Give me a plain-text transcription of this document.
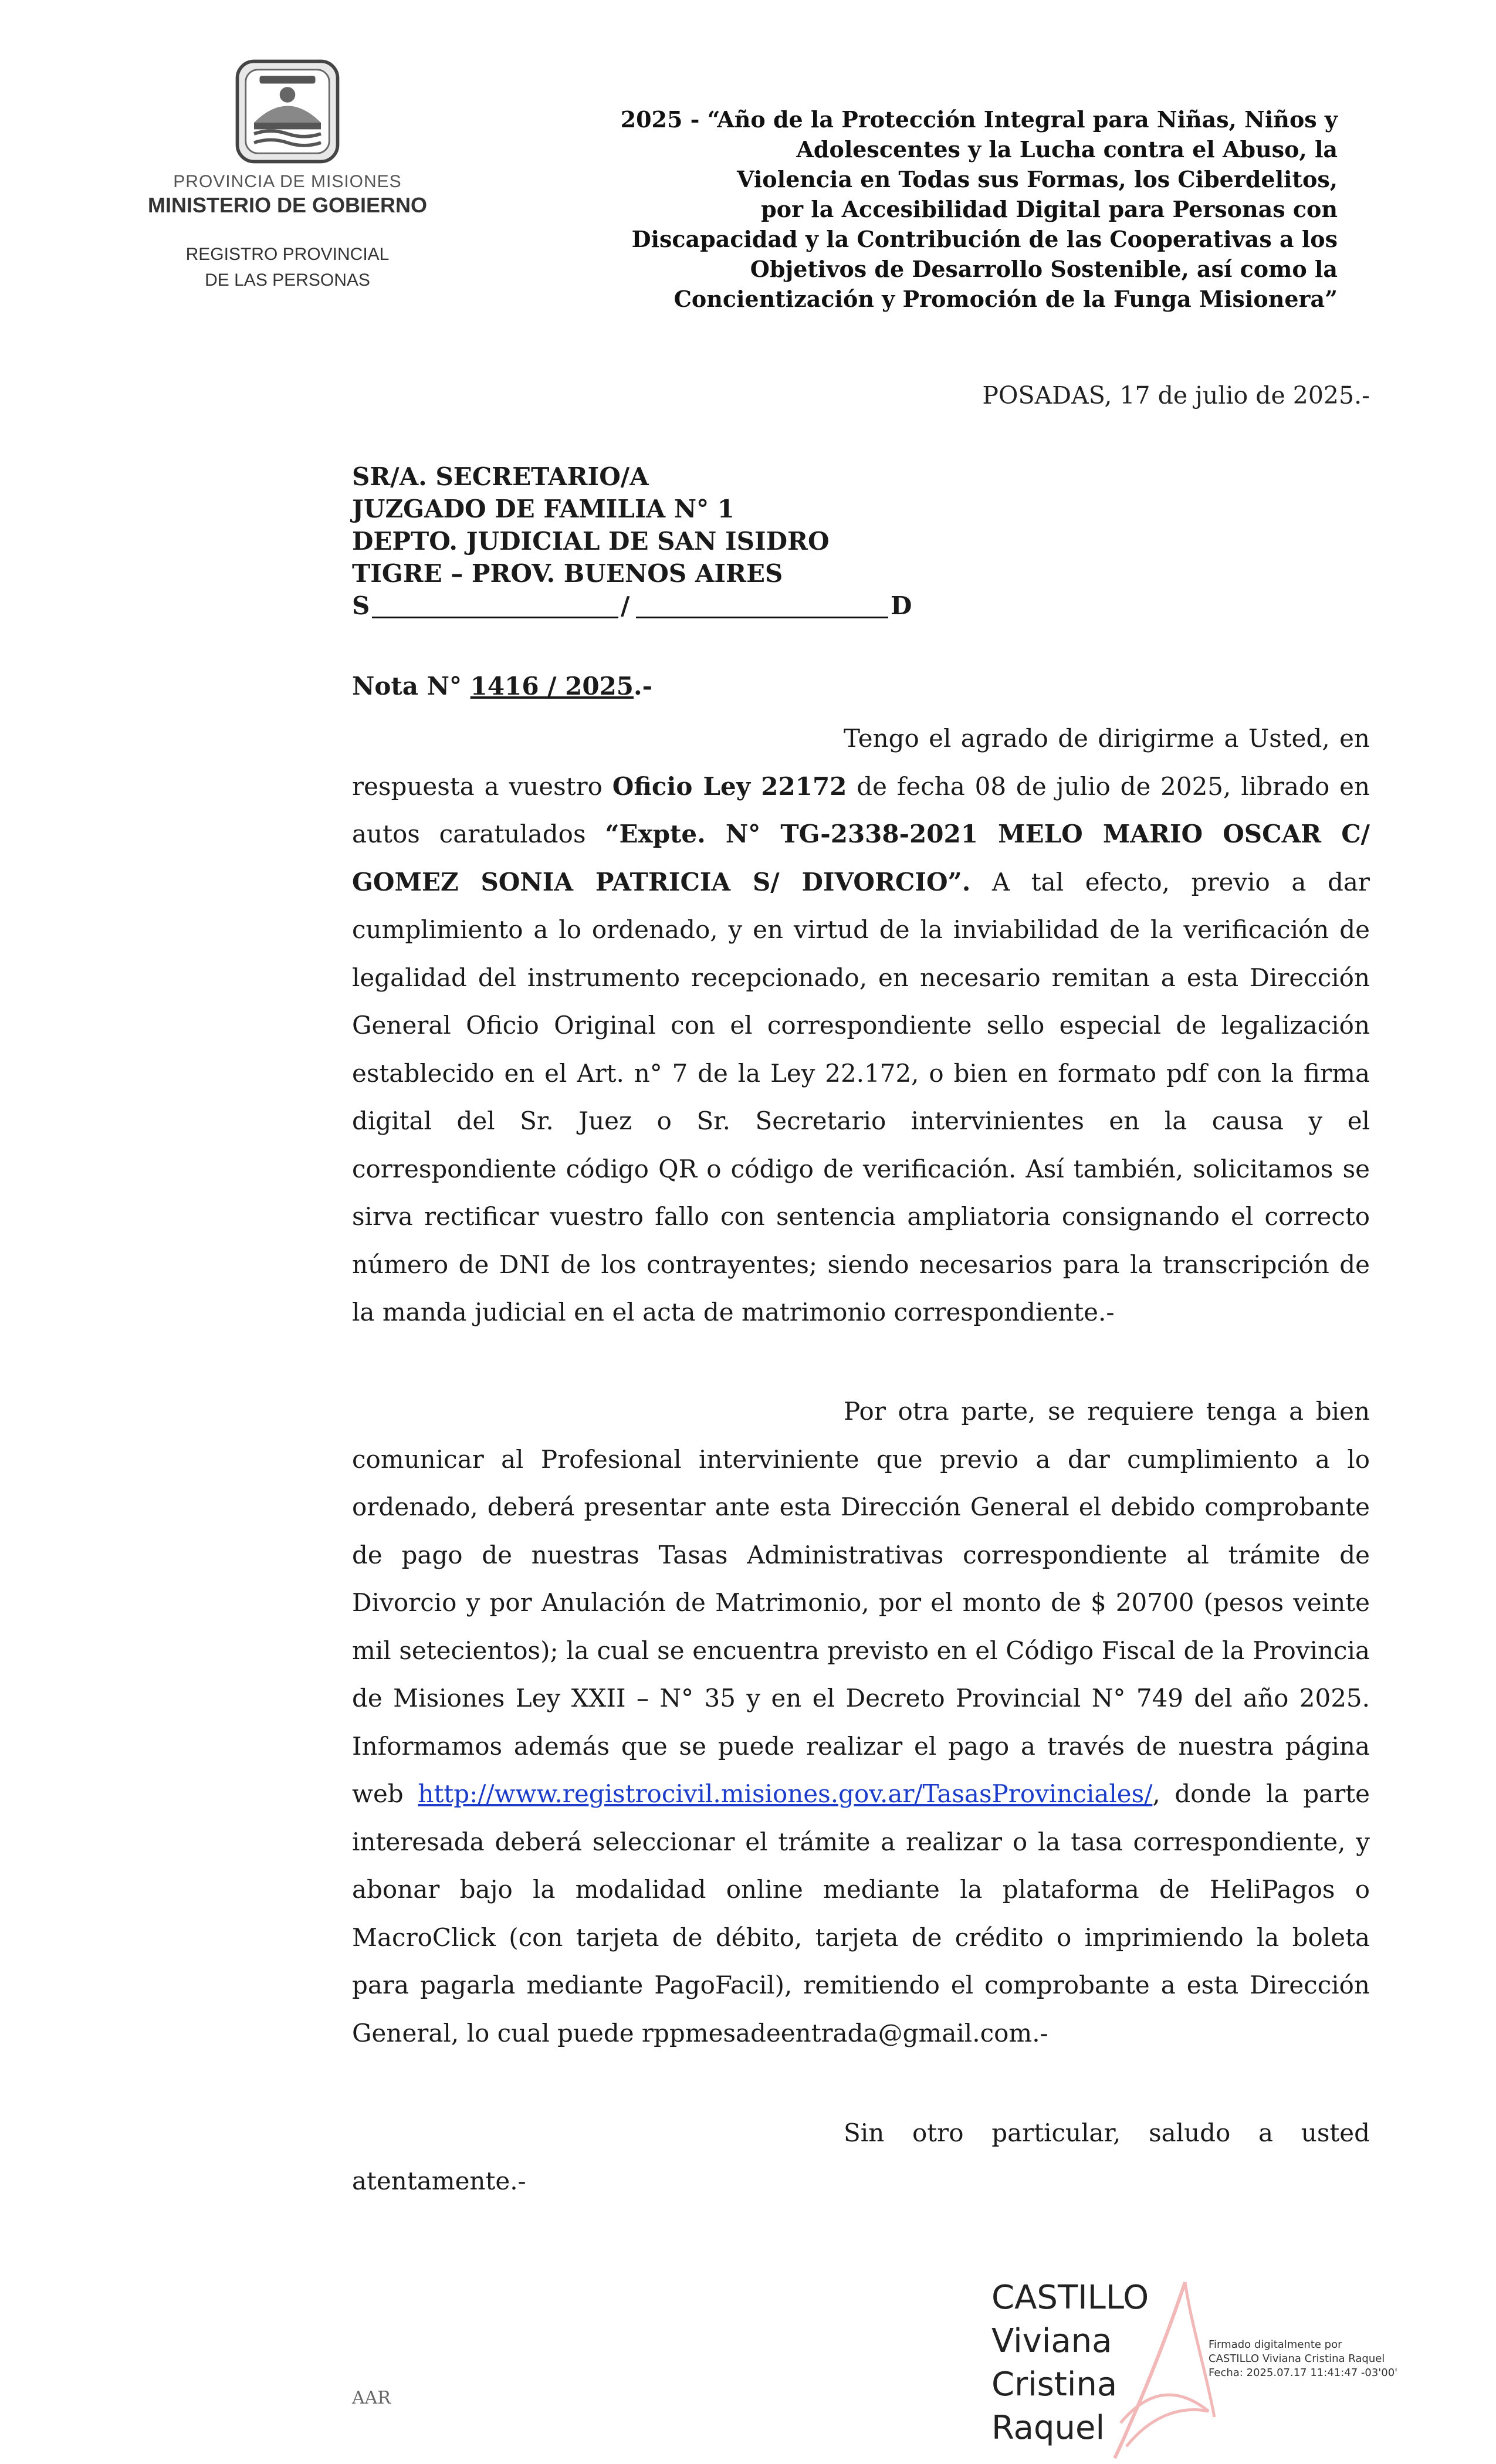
PROVINCIA DE MISIONES
MINISTERIO DE GOBIERNO
REGISTRO PROVINCIAL
DE LAS PERSONAS
2025 - “Año de la Protección Integral para Niñas, Niños y
Adolescentes y la Lucha contra el Abuso, la
Violencia en Todas sus Formas, los Ciberdelitos,
por la Accesibilidad Digital para Personas con
Discapacidad y la Contribución de las Cooperativas a los
Objetivos de Desarrollo Sostenible, así como la
Concientización y Promoción de la Funga Misionera”
POSADAS, 17 de julio de 2025.-
SR/A. SECRETARIO/A
JUZGADO DE FAMILIA N° 1
DEPTO. JUDICIAL DE SAN ISIDRO
TIGRE – PROV. BUENOS AIRES
S	/	D
Nota N° 1416 / 2025.-
Tengo el agrado de dirigirme a Usted, en respuesta a vuestro Oficio Ley 22172 de fecha 08 de julio de 2025, librado en autos caratulados “Expte. N° TG-2338-2021 MELO MARIO OSCAR C/ GOMEZ SONIA PATRICIA S/ DIVORCIO”. A tal efecto, previo a dar cumplimiento a lo ordenado, y en virtud de la inviabilidad de la verificación de legalidad del instrumento recepcionado, en necesario remitan a esta Dirección General Oficio Original con el correspondiente sello especial de legalización establecido en el Art. n° 7 de la Ley 22.172, o bien en formato pdf con la firma digital del Sr. Juez o Sr. Secretario intervinientes en la causa y el correspondiente código QR o código de verificación. Así también, solicitamos se sirva rectificar vuestro fallo con sentencia ampliatoria consignando el correcto número de DNI de los contrayentes; siendo necesarios para la transcripción de la manda judicial en el acta de matrimonio correspondiente.-
Por otra parte, se requiere tenga a bien comunicar al Profesional interviniente que previo a dar cumplimiento a lo ordenado, deberá presentar ante esta Dirección General el debido comprobante de pago de nuestras Tasas Administrativas correspondiente al trámite de Divorcio y por Anulación de Matrimonio, por el monto de $ 20700 (pesos veinte mil setecientos); la cual se encuentra previsto en el Código Fiscal de la Provincia de Misiones Ley XXII – N° 35 y en el Decreto Provincial N° 749 del año 2025. Informamos además que se puede realizar el pago a través de nuestra página web http://www.registrocivil.misiones.gov.ar/TasasProvinciales/, donde la parte interesada deberá seleccionar el trámite a realizar o la tasa correspondiente, y abonar bajo la modalidad online mediante la plataforma de HeliPagos o MacroClick (con tarjeta de débito, tarjeta de crédito o imprimiendo la boleta para pagarla mediante PagoFacil), remitiendo el comprobante a esta Dirección General, lo cual puede rppmesadeentrada@gmail.com.-
Sin otro particular, saludo a usted atentamente.-
AAR
CASTILLO
Viviana
Cristina
Raquel
Firmado digitalmente por
CASTILLO Viviana Cristina Raquel
Fecha: 2025.07.17 11:41:47 -03'00'
